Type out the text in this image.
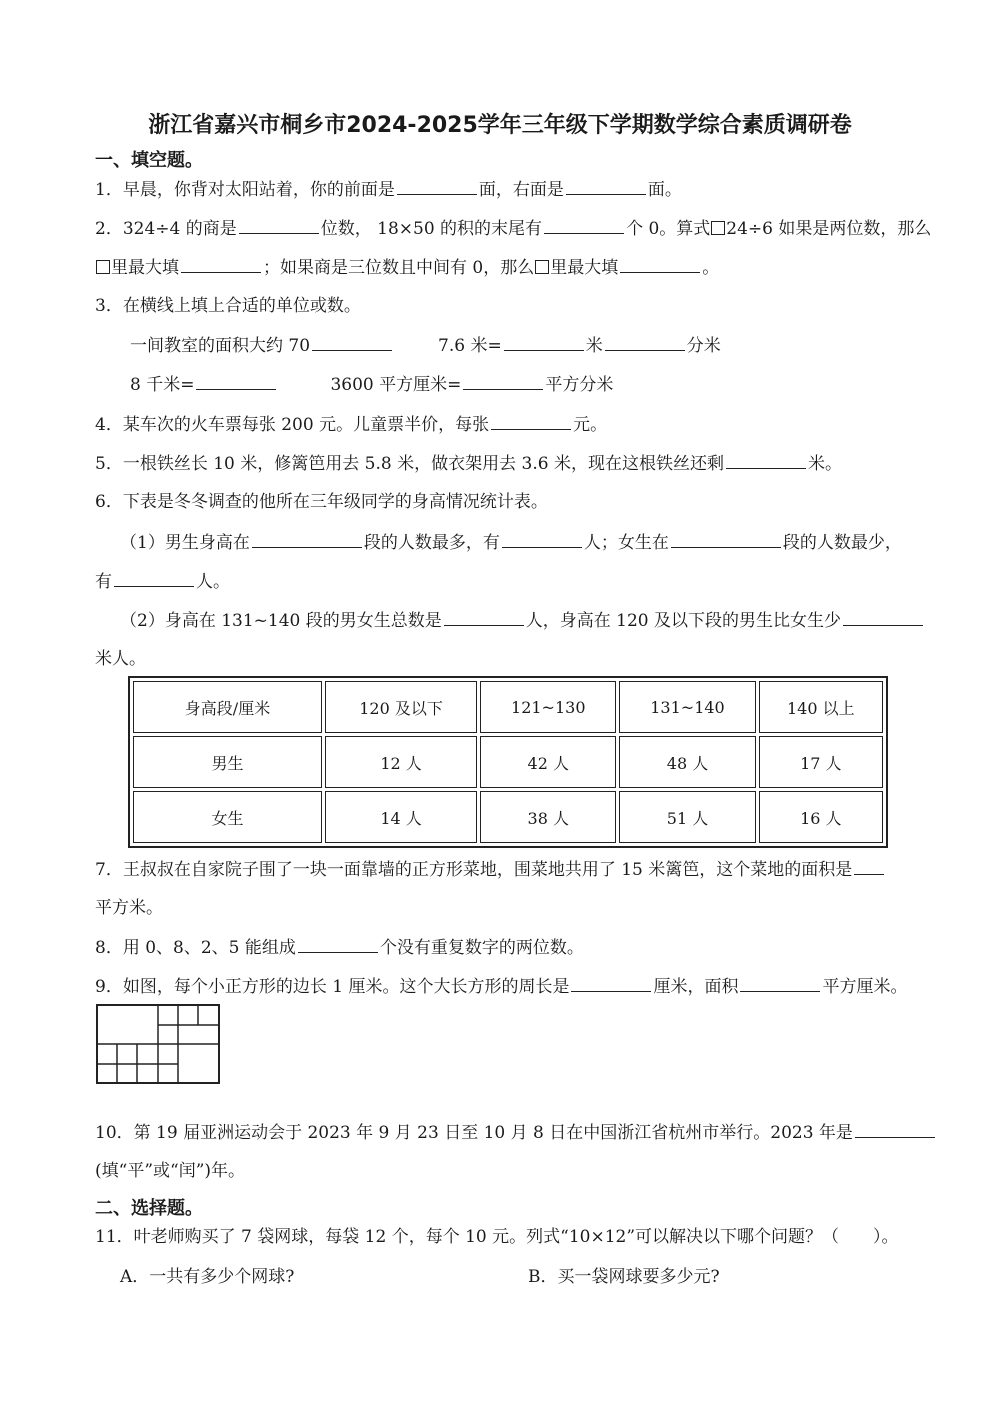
浙江省嘉兴市桐乡市2024-2025学年三年级下学期数学综合素质调研卷
一、填空题。
1．早晨，你背对太阳站着，你的前面是	面，右面是	面。
2．324÷4 的商是	位数， 18×50 的积的末尾有	个 0。算式 24÷6 如果是两位数，那么
里最大填	；如果商是三位数且中间有 0，那么 里最大填	。
3．在横线上填上合适的单位或数。
一间教室的面积大约 70	7.6 米=	米	分米
8 千米=	3600 平方厘米=	平方分米
4．某车次的火车票每张 200 元。儿童票半价，每张	元。
5．一根铁丝长 10 米，修篱笆用去 5.8 米，做衣架用去 3.6 米，现在这根铁丝还剩	米。
6．下表是冬冬调查的他所在三年级同学的身高情况统计表。
（1）男生身高在	段的人数最多，有	人；女生在	段的人数最少，
有	人。
（2）身高在 131~140 段的男女生总数是	人，身高在 120 及以下段的男生比女生少
米人。
身高段/厘米	120 及以下	121~130	131~140	140 以上
男生	12 人	42 人	48 人	17 人
女生	14 人	38 人	51 人	16 人
7．王叔叔在自家院子围了一块一面靠墙的正方形菜地，围菜地共用了 15 米篱笆，这个菜地的面积是
平方米。
8．用 0、8、2、5 能组成	个没有重复数字的两位数。
9．如图，每个小正方形的边长 1 厘米。这个大长方形的周长是	厘米，面积	平方厘米。
10．第 19 届亚洲运动会于 2023 年 9 月 23 日至 10 月 8 日在中国浙江省杭州市举行。2023 年是
(填“平”或“闰”)年。
二、选择题。
11．叶老师购买了 7 袋网球，每袋 12 个，每个 10 元。列式“10×12”可以解决以下哪个问题？（　　）。
A．一共有多少个网球?	B．买一袋网球要多少元?
